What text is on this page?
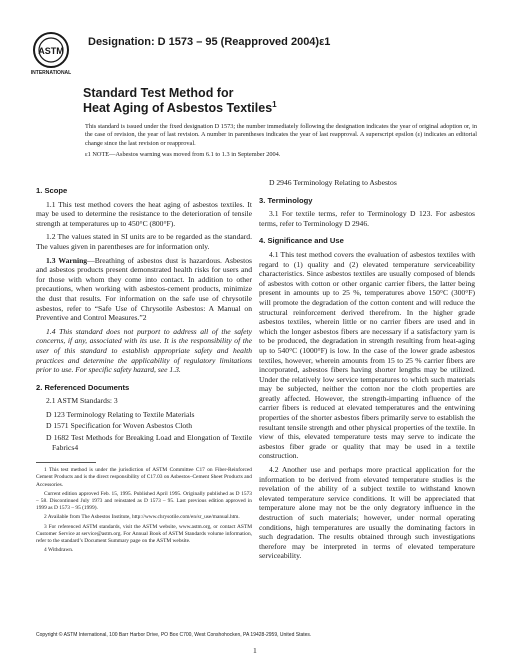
ASTM
INTERNATIONAL
Designation: D 1573 – 95 (Reapproved 2004)ε1
Standard Test Method for
Heat Aging of Asbestos Textiles$^1$

This standard is issued under the fixed designation D 1573; the number immediately following the designation indicates the year of original adoption or, in the case of revision, the year of last revision. A number in parentheses indicates the year of last reapproval. A superscript epsilon (ε) indicates an editorial change since the last revision or reapproval.

ε1 NOTE—Asbestos warning was moved from 6.1 to 1.3 in September 2004.

1. Scope

1.1 This test method covers the heat aging of asbestos textiles. It may be used to determine the resistance to the deterioration of tensile strength at temperatures up to 450°C (800°F).

1.2 The values stated in SI units are to be regarded as the standard. The values given in parentheses are for information only.

1.3 Warning—Breathing of asbestos dust is hazardous. Asbestos and asbestos products present demonstrated health risks for users and for those with whom they come into contact. In addition to other precautions, when working with asbestos-cement products, minimize the dust that results. For information on the safe use of chrysotile asbestos, refer to “Safe Use of Chrysotile Asbestos: A Manual on Preventive and Control Measures.”2

1.4 This standard does not purport to address all of the safety concerns, if any, associated with its use. It is the responsibility of the user of this standard to establish appropriate safety and health practices and determine the applicability of regulatory limitations prior to use. For specific safety hazard, see 1.3.

2. Referenced Documents

2.1 ASTM Standards: 3

D 123 Terminology Relating to Textile Materials
D 1571 Specification for Woven Asbestos Cloth
D 1682 Test Methods for Breaking Load and Elongation of Textile Fabrics4

1 This test method is under the jurisdiction of ASTM Committee C17 on Fiber-Reinforced Cement Products and is the direct responsibility of C17.03 on Asbestos–Cement Sheet Products and Accessories.

Current edition approved Feb. 15, 1995. Published April 1995. Originally published as D 1573 – 58. Discontinued July 1973 and reinstated as D 1573 – 95. Last previous edition approved in 1999 as D 1573 – 95 (1999).

2 Available from The Asbestos Institute, http://www.chrysotile.com/en/sr_use/manual.htm.

3 For referenced ASTM standards, visit the ASTM website, www.astm.org, or contact ASTM Customer Service at service@astm.org. For Annual Book of ASTM Standards volume information, refer to the standard’s Document Summary page on the ASTM website.

4 Withdrawn.

D 2946 Terminology Relating to Asbestos
3. Terminology

3.1 For textile terms, refer to Terminology D 123. For asbestos terms, refer to Terminology D 2946.

4. Significance and Use

4.1 This test method covers the evaluation of asbestos textiles with regard to (1) quality and (2) elevated temperature serviceability characteristics. Since asbestos textiles are usually composed of blends of asbestos with cotton or other organic carrier fibers, the latter being present in amounts up to 25 %, temperatures above 150°C (300°F) will promote the degradation of the cotton content and will reduce the structural reinforcement derived therefrom. In the higher grade asbestos textiles, wherein little or no carrier fibers are used and in which the longer asbestos fibers are necessary if a satisfactory yarn is to be produced, the degradation in strength resulting from heat-aging up to 540°C (1000°F) is low. In the case of the lower grade asbestos textiles, however, wherein amounts from 15 to 25 % carrier fibers are incorporated, asbestos fibers having shorter lengths may be utilized. Under the relatively low service temperatures to which such materials may be subjected, neither the cotton nor the cloth properties are greatly affected. However, the strength-imparting influence of the carrier fibers is reduced at elevated temperatures and the entwining properties of the shorter asbestos fibers primarily serve to establish the resultant tensile strength and other physical properties of the textile. In view of this, elevated temperature tests may serve to indicate the asbestos fiber grade or quality that may be used in a textile construction.

4.2 Another use and perhaps more practical application for the information to be derived from elevated temperature studies is the revelation of the ability of a subject textile to withstand known elevated temperature service conditions. It will be appreciated that temperature alone may not be the only degratory influence in the destruction of such materials; however, under normal operating conditions, high temperatures are usually the dominating factors in such degradation. The results obtained through such investigations therefore may be interpreted in terms of elevated temperature serviceability.

Copyright © ASTM International, 100 Barr Harbor Drive, PO Box C700, West Conshohocken, PA 19428-2959, United States.
1
